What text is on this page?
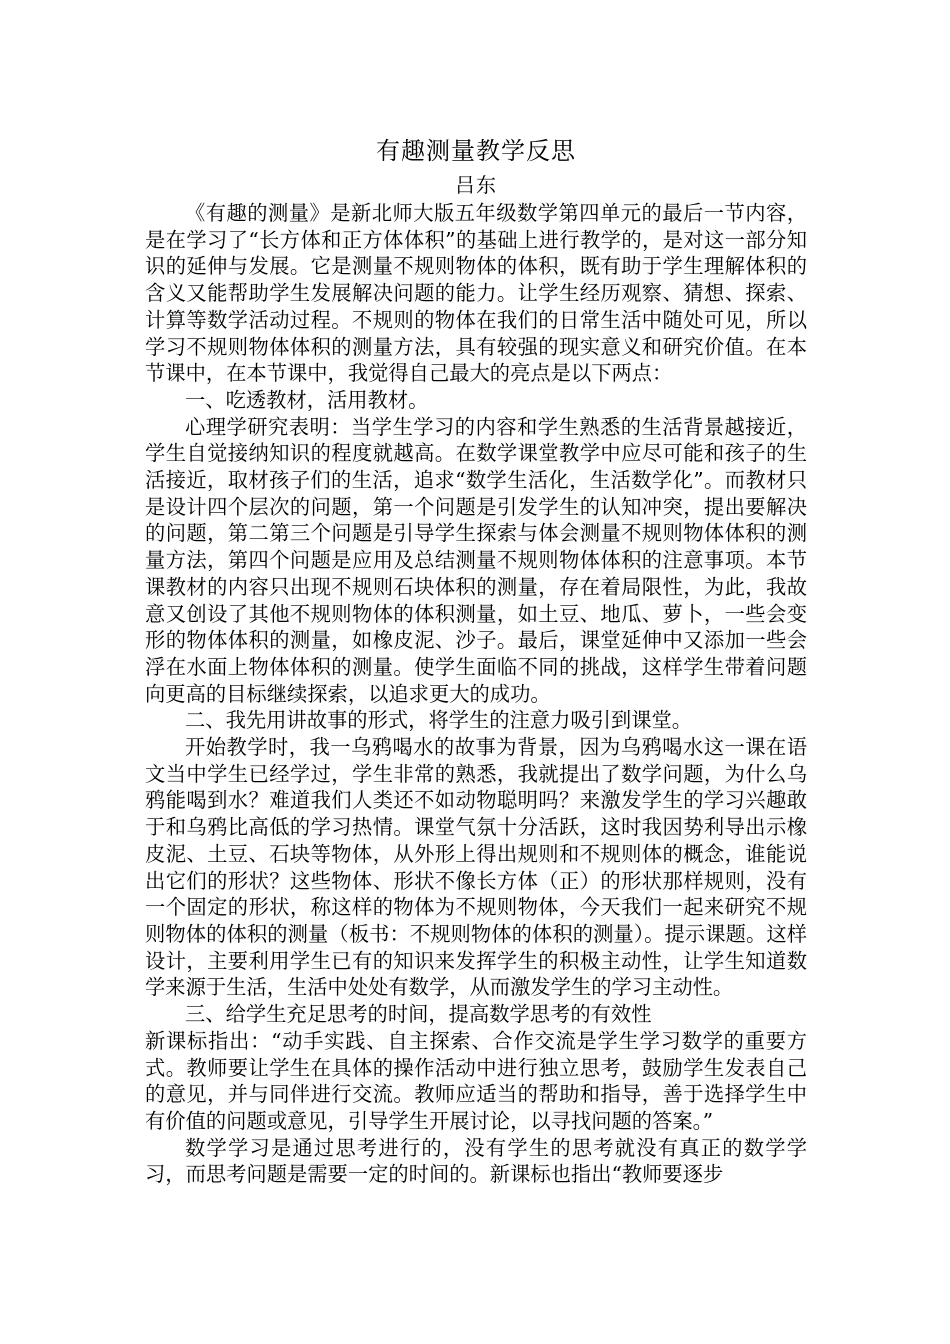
有趣测量教学反思

吕东

《有趣的测量》是新北师大版五年级数学第四单元的最后一节内容，是在学习了“长方体和正方体体积”的基础上进行教学的，是对这一部分知识的延伸与发展。它是测量不规则物体的体积，既有助于学生理解体积的含义又能帮助学生发展解决问题的能力。让学生经历观察、猜想、探索、计算等数学活动过程。不规则的物体在我们的日常生活中随处可见，所以学习不规则物体体积的测量方法，具有较强的现实意义和研究价值。在本节课中，在本节课中，我觉得自己最大的亮点是以下两点：

一、吃透教材，活用教材。

心理学研究表明：当学生学习的内容和学生熟悉的生活背景越接近，学生自觉接纳知识的程度就越高。在数学课堂教学中应尽可能和孩子的生活接近，取材孩子们的生活，追求“数学生活化，生活数学化”。而教材只是设计四个层次的问题，第一个问题是引发学生的认知冲突，提出要解决的问题，第二第三个问题是引导学生探索与体会测量不规则物体体积的测量方法，第四个问题是应用及总结测量不规则物体体积的注意事项。本节课教材的内容只出现不规则石块体积的测量，存在着局限性，为此，我故意又创设了其他不规则物体的体积测量，如土豆、地瓜、萝卜，一些会变形的物体体积的测量，如橡皮泥、沙子。最后，课堂延伸中又添加一些会浮在水面上物体体积的测量。使学生面临不同的挑战，这样学生带着问题向更高的目标继续探索，以追求更大的成功。

二、我先用讲故事的形式，将学生的注意力吸引到课堂。

开始教学时，我一乌鸦喝水的故事为背景，因为乌鸦喝水这一课在语文当中学生已经学过，学生非常的熟悉，我就提出了数学问题，为什么乌鸦能喝到水？难道我们人类还不如动物聪明吗？来激发学生的学习兴趣敢于和乌鸦比高低的学习热情。课堂气氛十分活跃，这时我因势利导出示橡皮泥、土豆、石块等物体，从外形上得出规则和不规则体的概念，谁能说出它们的形状？这些物体、形状不像长方体（正）的形状那样规则，没有一个固定的形状，称这样的物体为不规则物体，今天我们一起来研究不规则物体的体积的测量（板书：不规则物体的体积的测量）。提示课题。这样设计，主要利用学生已有的知识来发挥学生的积极主动性，让学生知道数学来源于生活，生活中处处有数学，从而激发学生的学习主动性。

三、给学生充足思考的时间，提高数学思考的有效性

新课标指出：“动手实践、自主探索、合作交流是学生学习数学的重要方式。教师要让学生在具体的操作活动中进行独立思考，鼓励学生发表自己的意见，并与同伴进行交流。教师应适当的帮助和指导，善于选择学生中有价值的问题或意见，引导学生开展讨论，以寻找问题的答案。”

数学学习是通过思考进行的，没有学生的思考就没有真正的数学学习，而思考问题是需要一定的时间的。新课标也指出“教师要逐步
